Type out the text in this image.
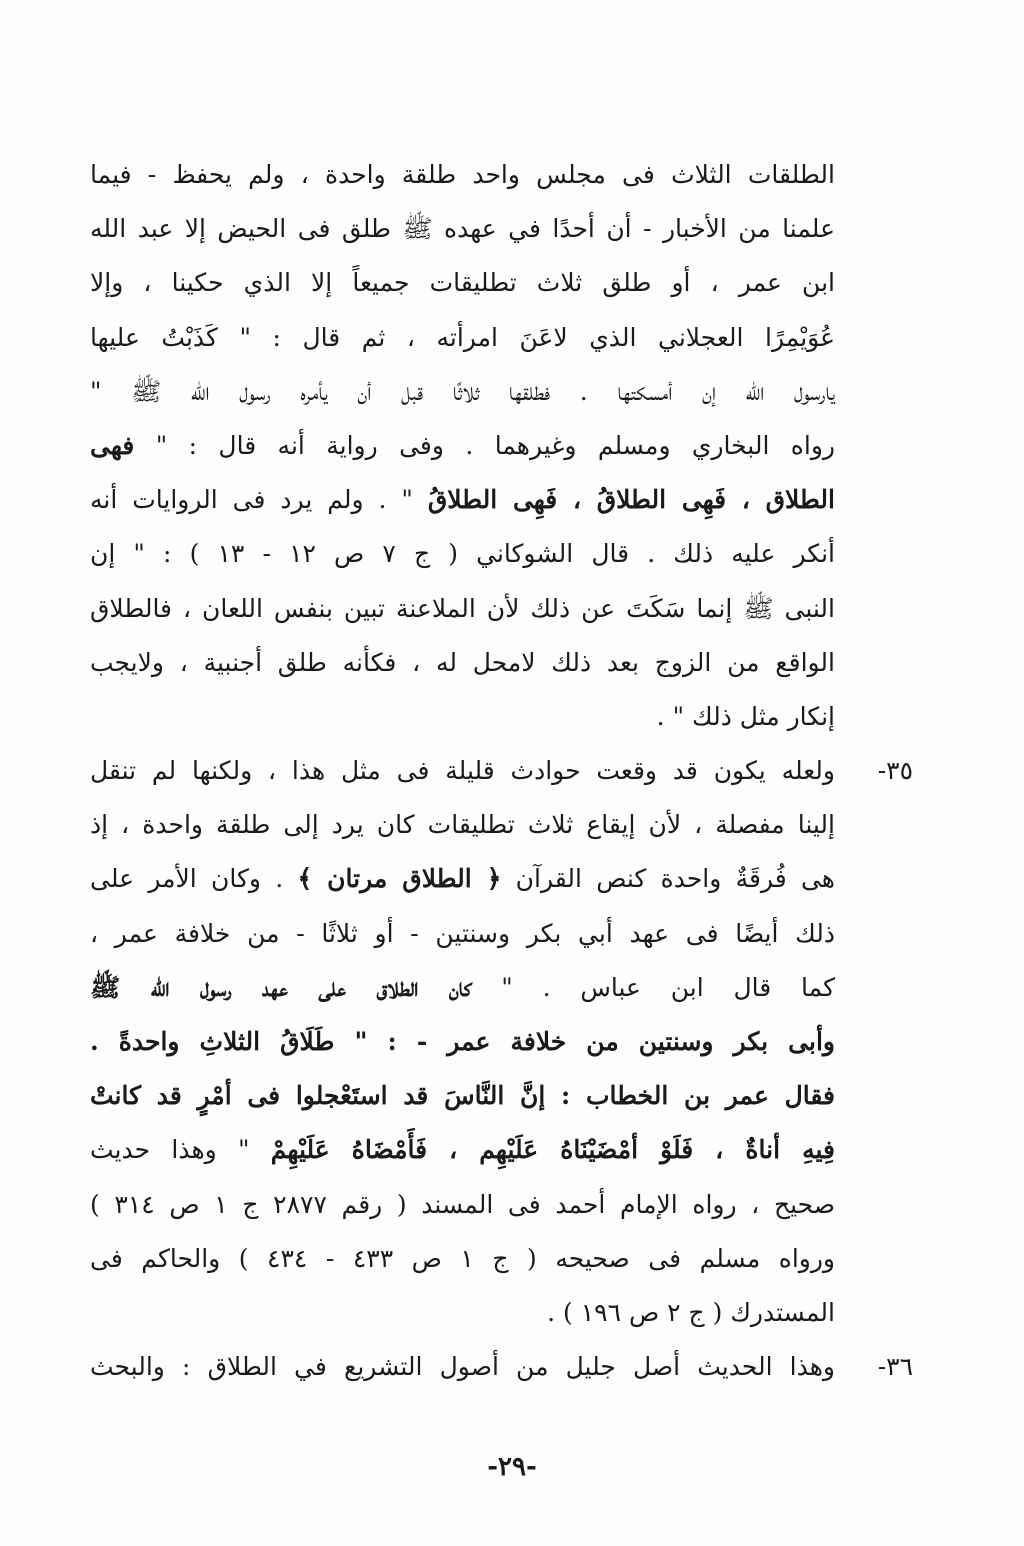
الطلقات الثلاث فى مجلس واحد طلقة واحدة ، ولم يحفظ - فيما
علمنا من الأخبار - أن أحدًا في عهده ﷺ طلق فى الحيض إلا عبد الله
ابن عمر ، أو طلق ثلاث تطليقات جميعاً إلا الذي حكينا ، وإلا
عُوَيْمِرًا العجلاني الذي لاعَنَ امرأته ، ثم قال : " كَذَبْتُ عليها
يارسول الله إن أمسكتها . فطلقها ثلاثًا قبل أن يأمره رسول الله ﷺ "
رواه البخاري ومسلم وغيرهما . وفى رواية أنه قال : " فهى
الطلاق ، فَهِى الطلاقُ ، فَهِى الطلاقُ " . ولم يرد فى الروايات أنه
أنكر عليه ذلك . قال الشوكاني ( ج ٧ ص ١٢ - ١٣ ) : " إن
النبى ﷺ إنما سَكَتَ عن ذلك لأن الملاعنة تبين بنفس اللعان ، فالطلاق
الواقع من الزوج بعد ذلك لامحل له ، فكأنه طلق أجنبية ، ولايجب
إنكار مثل ذلك " .
٣٥-
ولعله يكون قد وقعت حوادث قليلة فى مثل هذا ، ولكنها لم تنقل
إلينا مفصلة ، لأن إيقاع ثلاث تطليقات كان يرد إلى طلقة واحدة ، إذ
هى فُرقَةٌ واحدة كنص القرآن ﴿ الطلاق مرتان ﴾ . وكان الأمر على
ذلك أيضًا فى عهد أبي بكر وسنتين - أو ثلاثًا - من خلافة عمر ،
كما قال ابن عباس . " كان الطلاق على عهد رسول الله ﷺ
وأبى بكر وسنتين من خلافة عمر - : " طَلَاقُ الثلاثِ واحدةً .
فقال عمر بن الخطاب : إنَّ النَّاسَ قد استَعْجلوا فى أمْرٍ قد كانتْ
فِيهِ أناةٌ ، فَلَوْ أمْضَيْنَاهُ عَلَيْهِم ، فَأَمْضَاهُ عَلَيْهِمْ " وهذا حديث
صحيح ، رواه الإمام أحمد فى المسند ( رقم ٢٨٧٧ ج ١ ص ٣١٤ )
ورواه مسلم فى صحيحه ( ج ١ ص ٤٣٣ - ٤٣٤ ) والحاكم فى
المستدرك ( ج ٢ ص ١٩٦ ) .
٣٦-
وهذا الحديث أصل جليل من أصول التشريع في الطلاق : والبحث
-٢٩-
